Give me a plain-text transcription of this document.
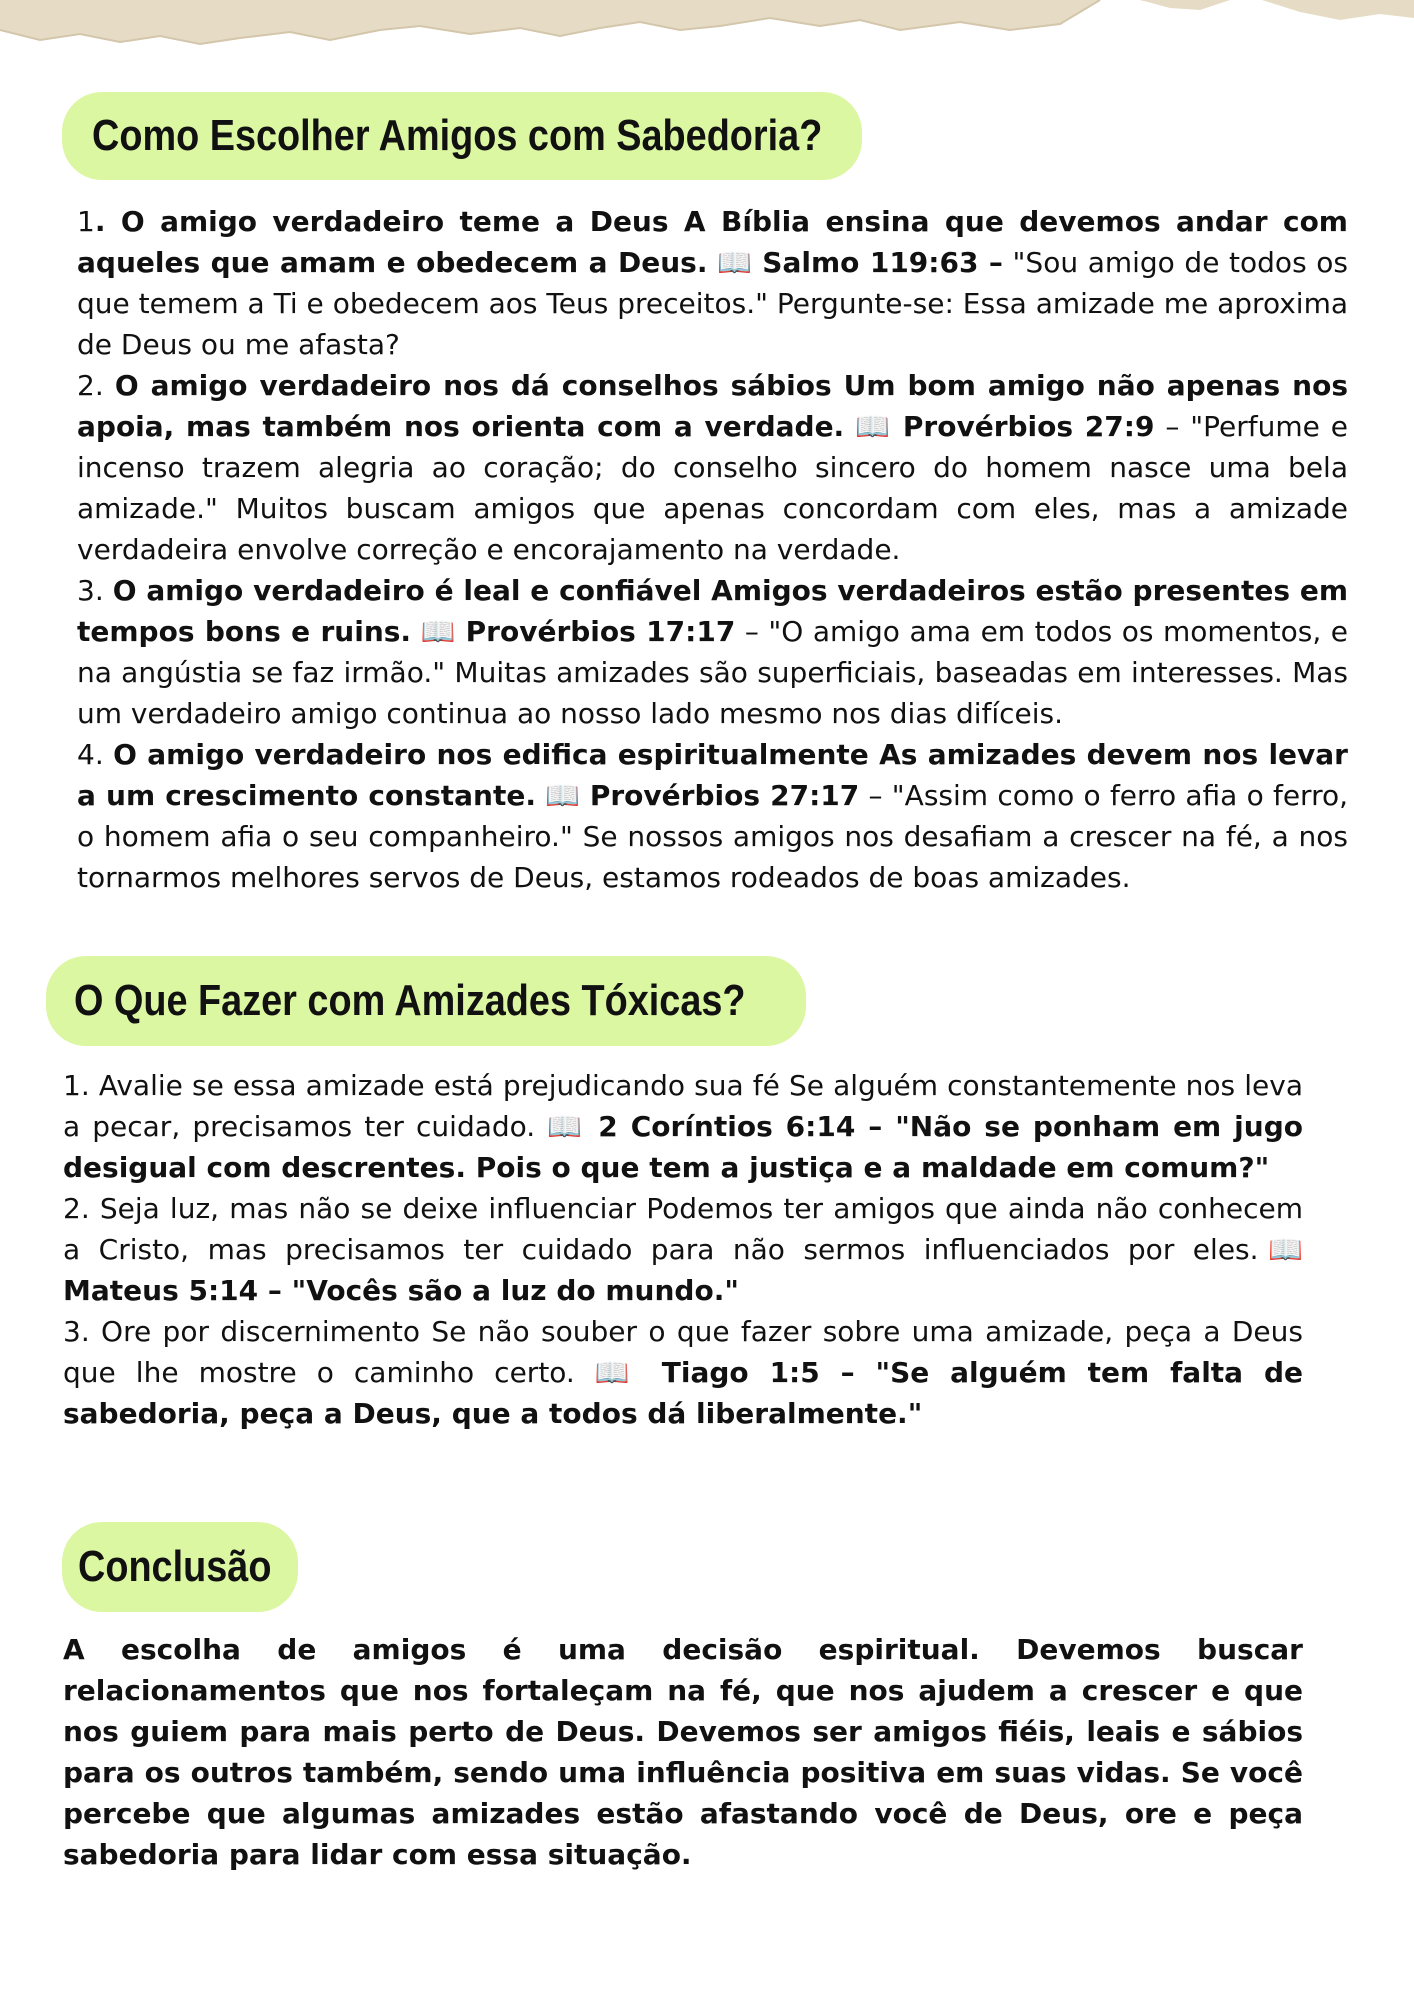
Como Escolher Amigos com Sabedoria?

1. O amigo verdadeiro teme a Deus A Bíblia ensina que devemos andar com aqueles que amam e obedecem a Deus. 📖 Salmo 119:63 – "Sou amigo de todos os que temem a Ti e obedecem aos Teus preceitos." Pergunte-se: Essa amizade me aproxima de Deus ou me afasta?

2. O amigo verdadeiro nos dá conselhos sábios Um bom amigo não apenas nos apoia, mas também nos orienta com a verdade. 📖 Provérbios 27:9 – "Perfume e incenso trazem alegria ao coração; do conselho sincero do homem nasce uma bela amizade." Muitos buscam amigos que apenas concordam com eles, mas a amizade verdadeira envolve correção e encorajamento na verdade.

3. O amigo verdadeiro é leal e confiável Amigos verdadeiros estão presentes em tempos bons e ruins. 📖 Provérbios 17:17 – "O amigo ama em todos os momentos, e na angústia se faz irmão." Muitas amizades são superficiais, baseadas em interesses. Mas um verdadeiro amigo continua ao nosso lado mesmo nos dias difíceis.

4. O amigo verdadeiro nos edifica espiritualmente As amizades devem nos levar a um crescimento constante. 📖 Provérbios 27:17 – "Assim como o ferro afia o ferro, o homem afia o seu companheiro." Se nossos amigos nos desafiam a crescer na fé, a nos tornarmos melhores servos de Deus, estamos rodeados de boas amizades.

O Que Fazer com Amizades Tóxicas?

1. Avalie se essa amizade está prejudicando sua fé Se alguém constantemente nos leva a pecar, precisamos ter cuidado. 📖 2 Coríntios 6:14 – "Não se ponham em jugo desigual com descrentes. Pois o que tem a justiça e a maldade em comum?"

2. Seja luz, mas não se deixe influenciar Podemos ter amigos que ainda não conhecem a Cristo, mas precisamos ter cuidado para não sermos influenciados por eles.📖 Mateus 5:14 – "Vocês são a luz do mundo."

3. Ore por discernimento Se não souber o que fazer sobre uma amizade, peça a Deus que lhe mostre o caminho certo. 📖 Tiago 1:5 – "Se alguém tem falta de sabedoria, peça a Deus, que a todos dá liberalmente."

Conclusão

A escolha de amigos é uma decisão espiritual. Devemos buscar relacionamentos que nos fortaleçam na fé, que nos ajudem a crescer e que nos guiem para mais perto de Deus. Devemos ser amigos fiéis, leais e sábios para os outros também, sendo uma influência positiva em suas vidas. Se você percebe que algumas amizades estão afastando você de Deus, ore e peça sabedoria para lidar com essa situação.
